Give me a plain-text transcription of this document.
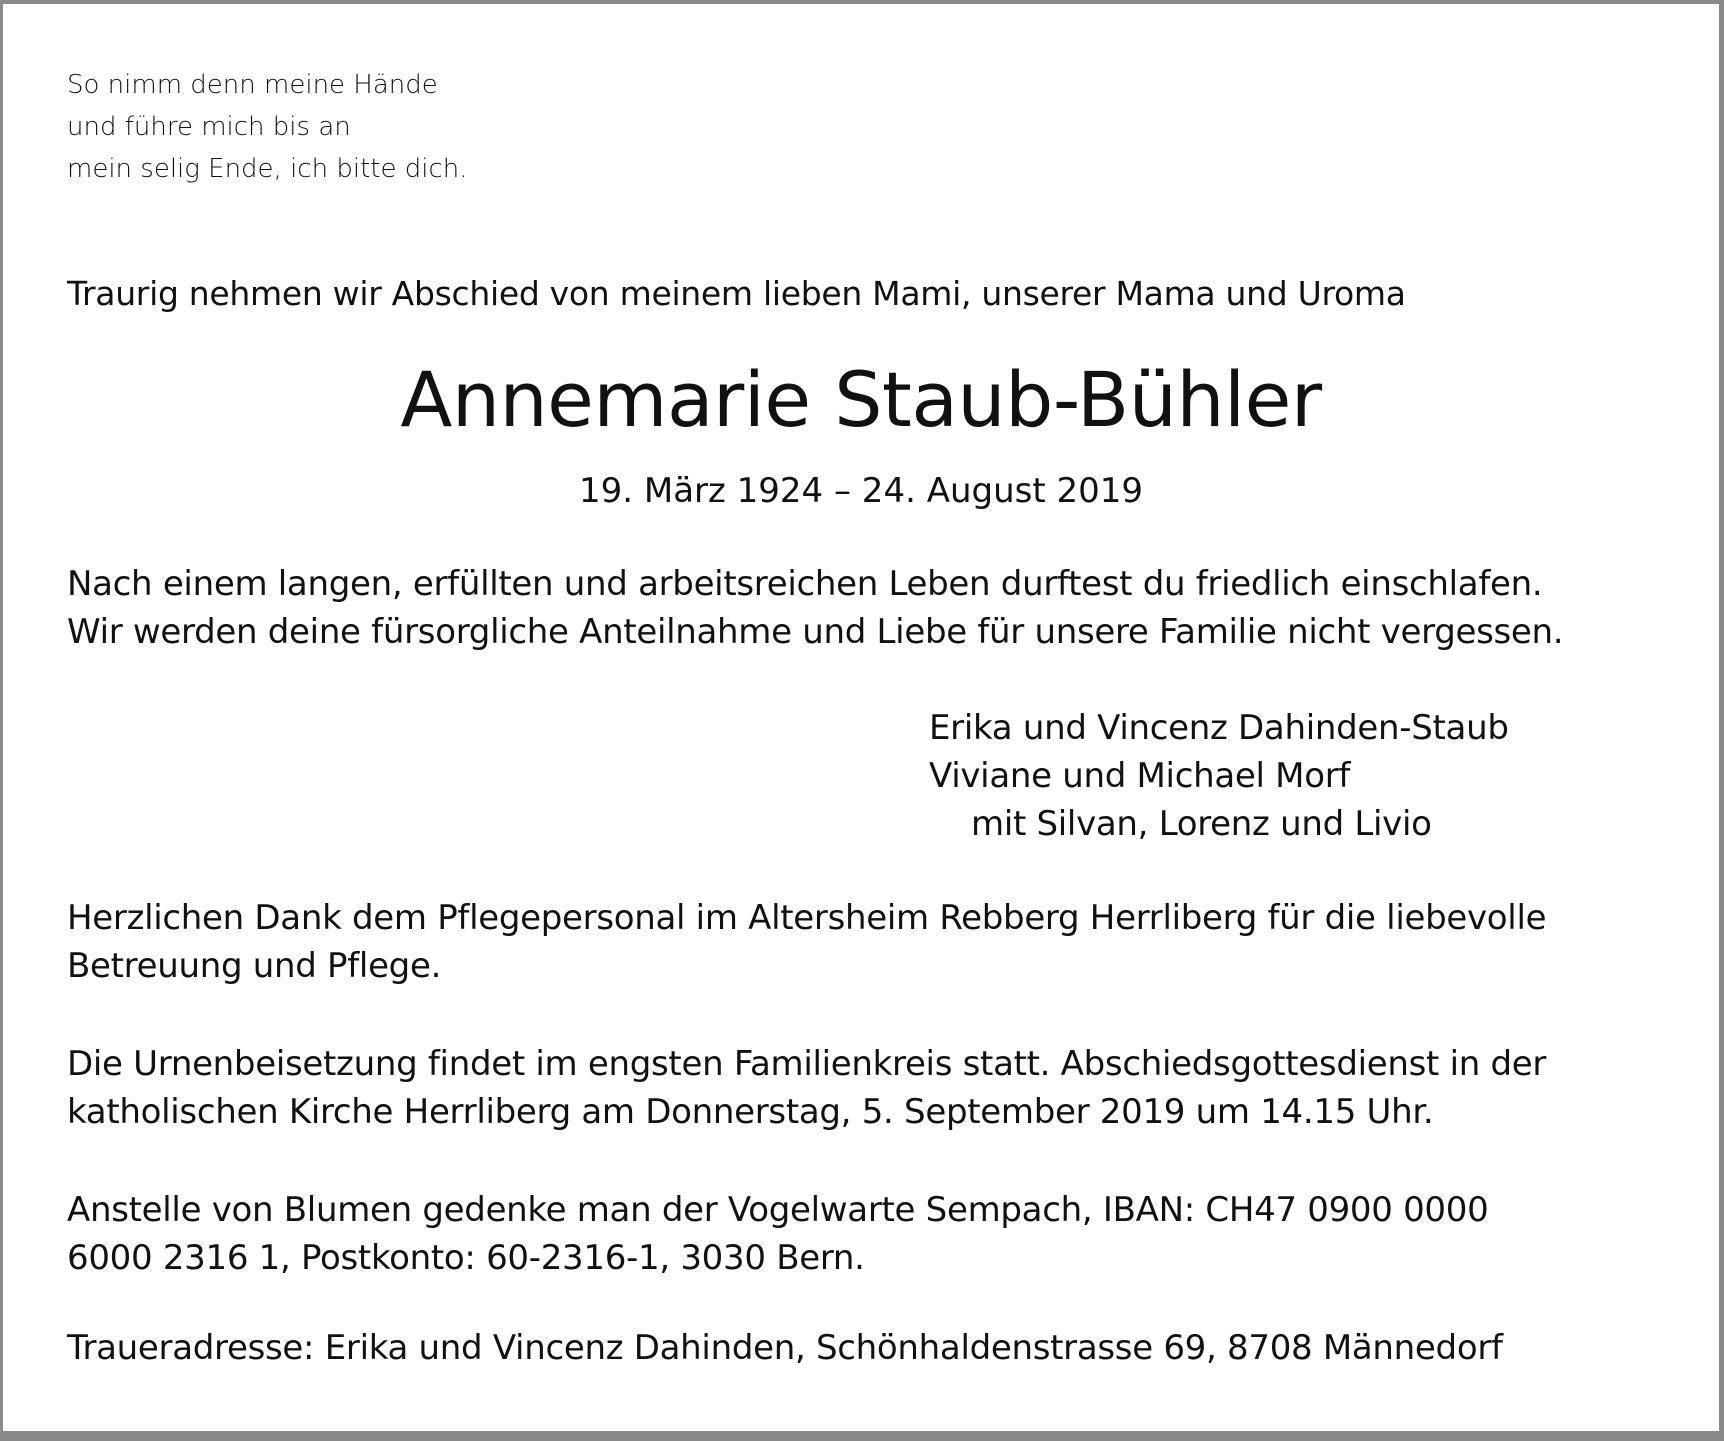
So nimm denn meine Hände
und führe mich bis an
mein selig Ende, ich bitte dich.

Traurig nehmen wir Abschied von meinem lieben Mami, unserer Mama und Uroma

Annemarie Staub-Bühler

19. März 1924 – 24. August 2019

Nach einem langen, erfüllten und arbeitsreichen Leben durftest du friedlich einschlafen.
Wir werden deine fürsorgliche Anteilnahme und Liebe für unsere Familie nicht vergessen.
Erika und Vincenz Dahinden-Staub
Viviane und Michael Morf
mit Silvan, Lorenz und Livio
Herzlichen Dank dem Pflegepersonal im Altersheim Rebberg Herrliberg für die liebevolle
Betreuung und Pflege.
Die Urnenbeisetzung findet im engsten Familienkreis statt. Abschiedsgottesdienst in der
katholischen Kirche Herrliberg am Donnerstag, 5. September 2019 um 14.15 Uhr.
Anstelle von Blumen gedenke man der Vogelwarte Sempach, IBAN: CH47 0900 0000
6000 2316 1, Postkonto: 60-2316-1, 3030 Bern.

Traueradresse: Erika und Vincenz Dahinden, Schönhaldenstrasse 69, 8708 Männedorf
